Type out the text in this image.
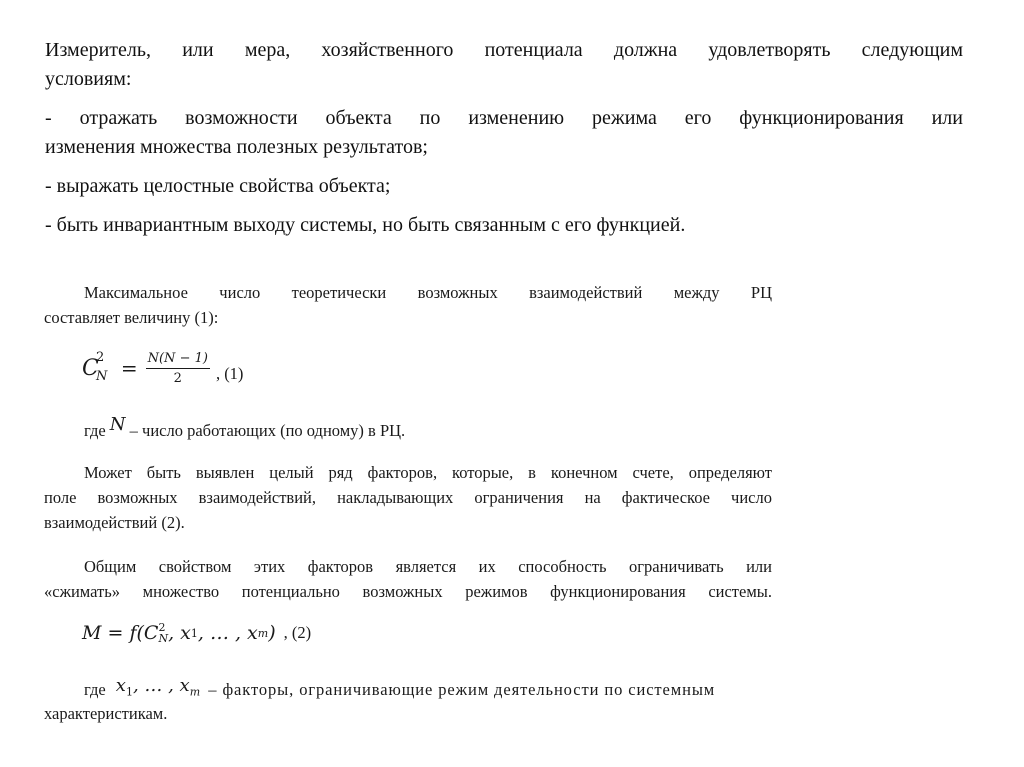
Измеритель, или мера, хозяйственного потенциала должна удовлетворять следующим
условиям:

- отражать возможности объекта по изменению режима его функционирования или
изменения множества полезных результатов;

- выражать целостные свойства объекта;

- быть инвариантным выходу системы, но быть связанным с его функцией.

Максимальное число теоретически возможных взаимодействий между РЦ
составляет величину (1):
C
2
$N = \frac{N(N - 1)}{2}$ , (1)
где N – число работающих (по одному) в РЦ.
Может быть выявлен целый ряд факторов, которые, в конечном счете, определяют
поле возможных взаимодействий, накладывающих ограничения на фактическое число
взаимодействий (2).
Общим свойством этих факторов является их способность ограничивать или
«сжимать» множество потенциально возможных режимов функционирования системы.
M = f(C 2
N , x 1 , … , x m ) , (2)
где $x_1$, … , $x_m$ – факторы, ограничивающие режим деятельности по системным
характеристикам.
